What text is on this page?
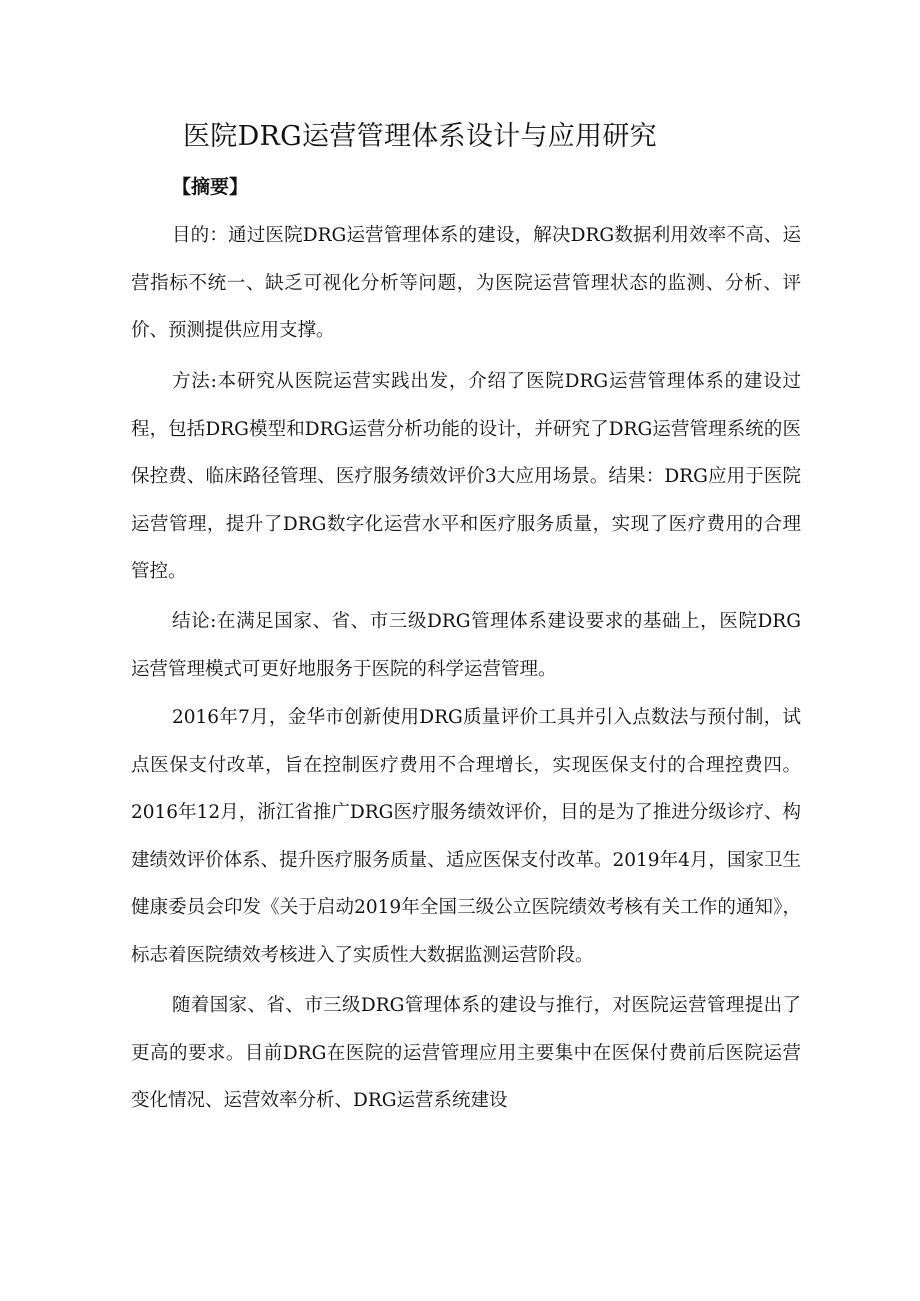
医院DRG运营管理体系设计与应用研究
【摘要】

目的：通过医院DRG运营管理体系的建设，解决DRG数据利用效率不高、运营指标不统一、缺乏可视化分析等问题，为医院运营管理状态的监测、分析、评价、预测提供应用支撑。

方法:本研究从医院运营实践出发，介绍了医院DRG运营管理体系的建设过程，包括DRG模型和DRG运营分析功能的设计，并研究了DRG运营管理系统的医保控费、临床路径管理、医疗服务绩效评价3大应用场景。结果：DRG应用于医院运营管理，提升了DRG数字化运营水平和医疗服务质量，实现了医疗费用的合理管控。

结论:在满足国家、省、市三级DRG管理体系建设要求的基础上，医院DRG运营管理模式可更好地服务于医院的科学运营管理。

2016年7月，金华市创新使用DRG质量评价工具并引入点数法与预付制，试点医保支付改革，旨在控制医疗费用不合理增长，实现医保支付的合理控费四。2016年12月，浙江省推广DRG医疗服务绩效评价，目的是为了推进分级诊疗、构建绩效评价体系、提升医疗服务质量、适应医保支付改革。2019年4月，国家卫生健康委员会印发《关于启动2019年全国三级公立医院绩效考核有关工作的通知》，标志着医院绩效考核进入了实质性大数据监测运营阶段。

随着国家、省、市三级DRG管理体系的建设与推行，对医院运营管理提出了更高的要求。目前DRG在医院的运营管理应用主要集中在医保付费前后医院运营变化情况、运营效率分析、DRG运营系统建设
